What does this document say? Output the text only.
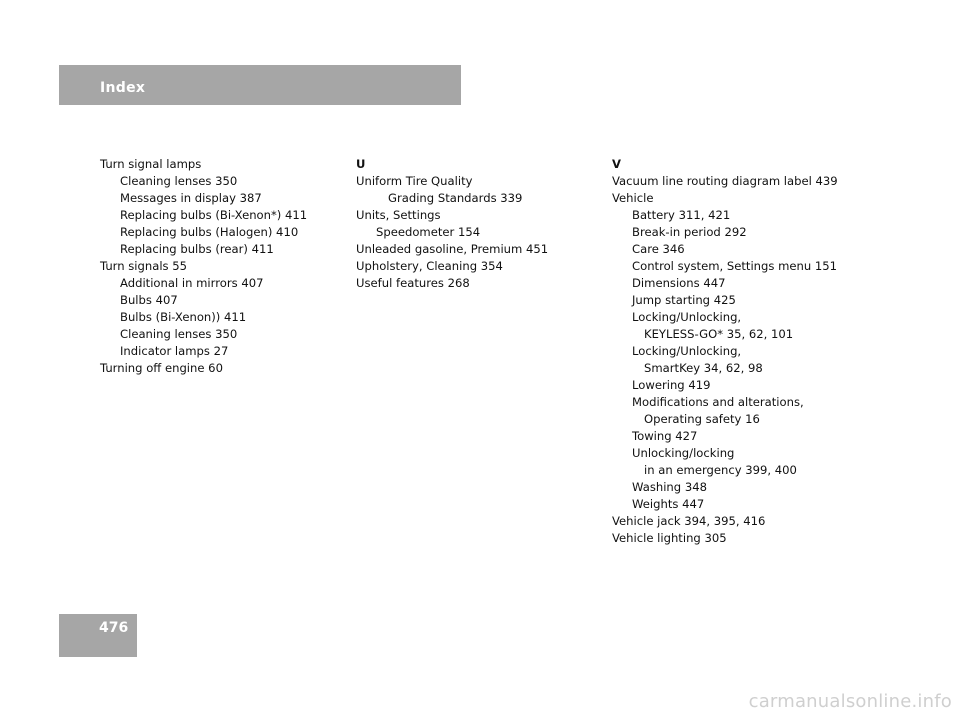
Index
Turn signal lamps
Cleaning lenses 350
Messages in display 387
Replacing bulbs (Bi-Xenon*) 411
Replacing bulbs (Halogen) 410
Replacing bulbs (rear) 411
Turn signals 55
Additional in mirrors 407
Bulbs 407
Bulbs (Bi-Xenon)) 411
Cleaning lenses 350
Indicator lamps 27
Turning off engine 60
U
Uniform Tire Quality
Grading Standards 339
Units, Settings
Speedometer 154
Unleaded gasoline, Premium 451
Upholstery, Cleaning 354
Useful features 268
V
Vacuum line routing diagram label 439
Vehicle
Battery 311, 421
Break-in period 292
Care 346
Control system, Settings menu 151
Dimensions 447
Jump starting 425
Locking/Unlocking,
KEYLESS-GO* 35, 62, 101
Locking/Unlocking,
SmartKey 34, 62, 98
Lowering 419
Modifications and alterations,
Operating safety 16
Towing 427
Unlocking/locking
in an emergency 399, 400
Washing 348
Weights 447
Vehicle jack 394, 395, 416
Vehicle lighting 305
476
carmanualsonline.info
